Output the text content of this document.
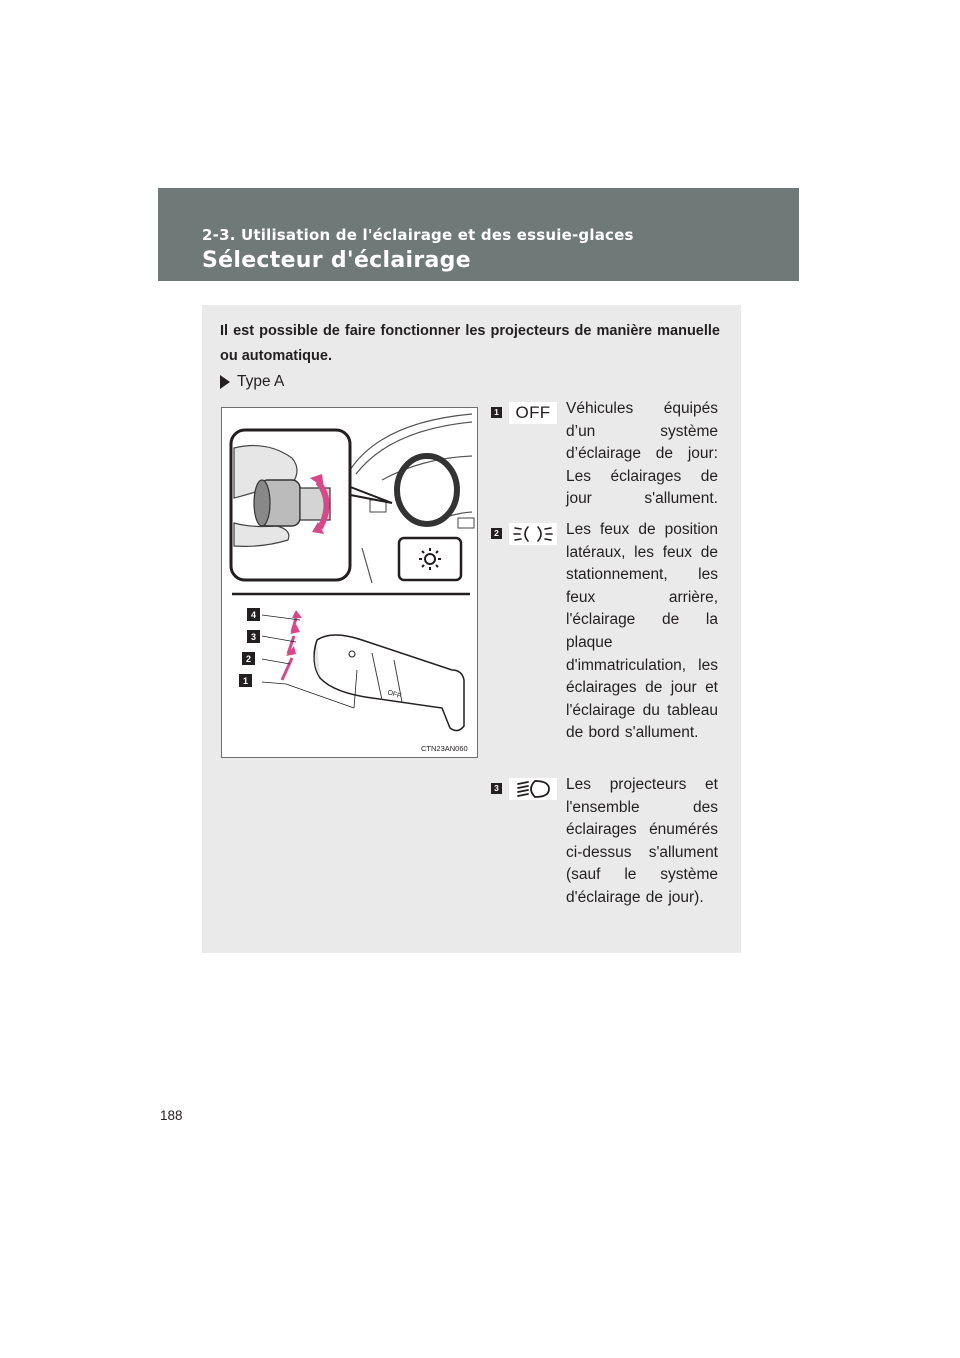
2-3. Utilisation de l'éclairage et des essuie-glaces
Sélecteur d'éclairage
Il est possible de faire fonctionner les projecteurs de manière manuelle ou automatique.
Type A
OFF
4
3
2
1
CTN23AN060
1 OFF Véhicules équipés d’un système d’éclairage de jour: Les éclairages de jour s'allument.
2	Les feux de position latéraux, les feux de stationnement, les feux arrière, l'éclairage de la plaque d'immatriculation, les éclairages de jour et l'éclairage du tableau de bord s'allument.
3	Les projecteurs et l'ensemble des éclairages énumérés ci-dessus s'allument (sauf le système d'éclairage de jour).
188
